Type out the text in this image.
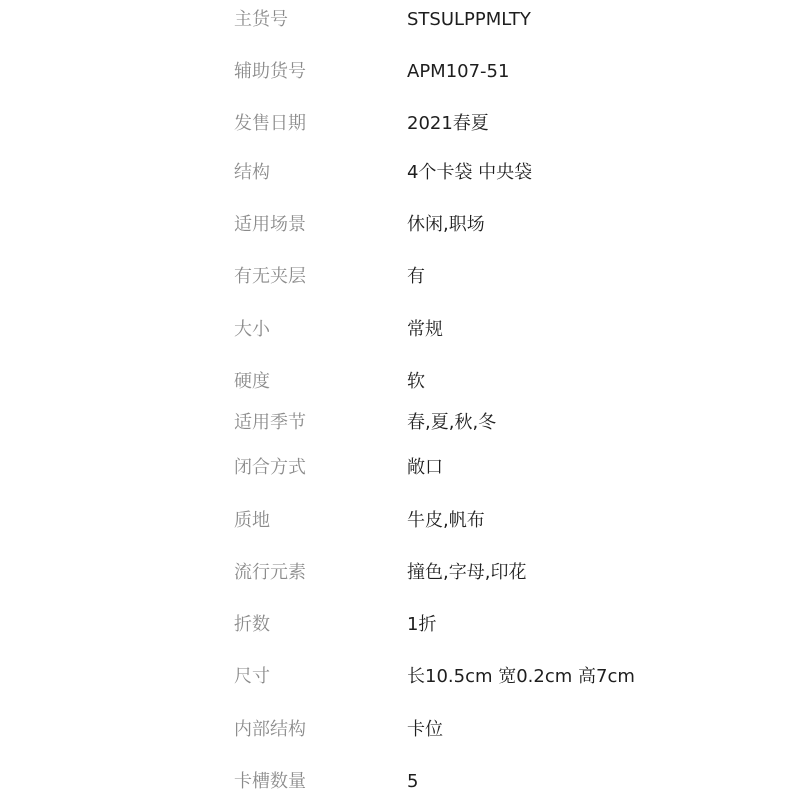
主货号	STSULPPMLTY
辅助货号	APM107-51
发售日期	2021春夏
结构	4个卡袋 中央袋
适用场景	休闲,职场
有无夹层	有
大小	常规
硬度	软
适用季节	春,夏,秋,冬
闭合方式	敞口
质地	牛皮,帆布
流行元素	撞色,字母,印花
折数	1折
尺寸	长10.5cm 宽0.2cm 高7cm
内部结构	卡位
卡槽数量	5
